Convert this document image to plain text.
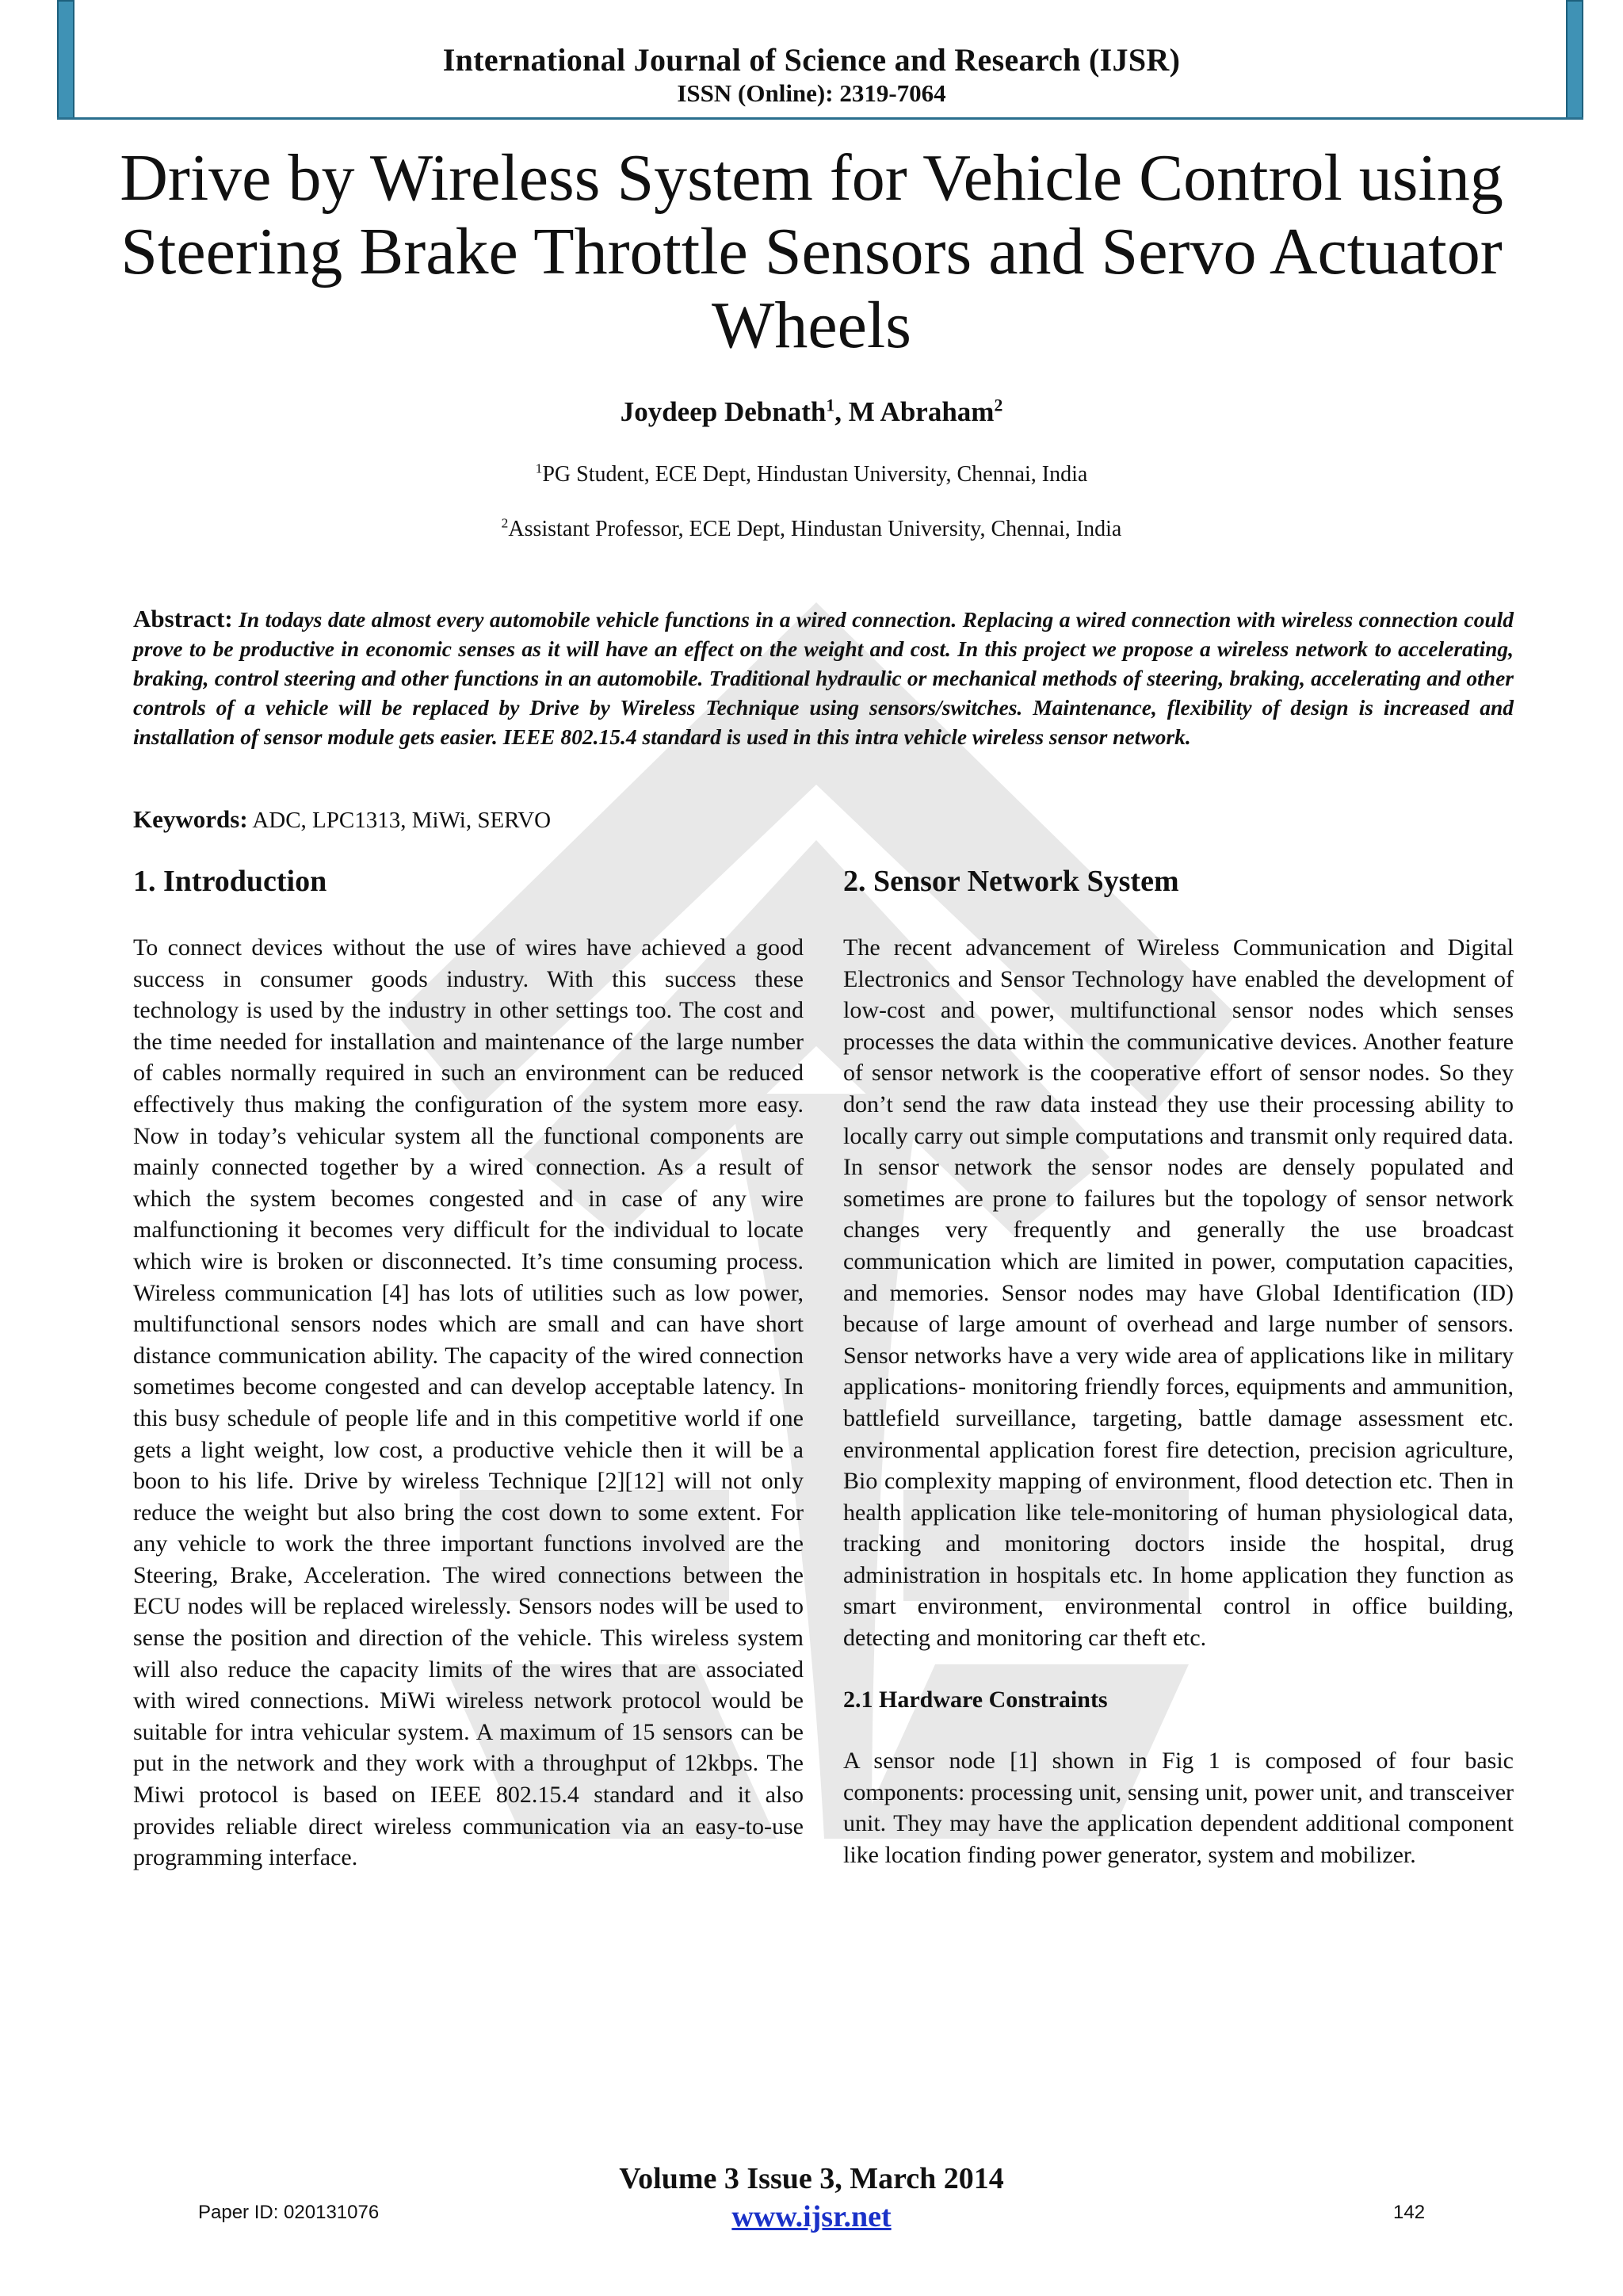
International Journal of Science and Research (IJSR)
ISSN (Online): 2319-7064
Drive by Wireless System for Vehicle Control using Steering Brake Throttle Sensors and Servo Actuator Wheels
Joydeep Debnath$^1$, M Abraham$^2$
$^1$PG Student, ECE Dept, Hindustan University, Chennai, India
$^2$Assistant Professor, ECE Dept, Hindustan University, Chennai, India
Abstract: In todays date almost every automobile vehicle functions in a wired connection. Replacing a wired connection with wireless connection could prove to be productive in economic senses as it will have an effect on the weight and cost. In this project we propose a wireless network to accelerating, braking, control steering and other functions in an automobile. Traditional hydraulic or mechanical methods of steering, braking, accelerating and other controls of a vehicle will be replaced by Drive by Wireless Technique using sensors/switches. Maintenance, flexibility of design is increased and installation of sensor module gets easier. IEEE 802.15.4 standard is used in this intra vehicle wireless sensor network.
Keywords: ADC, LPC1313, MiWi, SERVO
1. Introduction	2. Sensor Network System

To connect devices without the use of wires have achieved a good success in consumer goods industry. With this success these technology is used by the industry in other settings too. The cost and the time needed for installation and maintenance of the large number of cables normally required in such an environment can be reduced effectively thus making the configuration of the system more easy. Now in today’s vehicular system all the functional components are mainly connected together by a wired connection. As a result of which the system becomes congested and in case of any wire malfunctioning it becomes very difficult for the individual to locate which wire is broken or disconnected. It’s time consuming process. Wireless communication [4] has lots of utilities such as low power, multifunctional sensors nodes which are small and can have short distance communication ability. The capacity of the wired connection sometimes become congested and can develop acceptable latency. In this busy schedule of people life and in this competitive world if one gets a light weight, low cost, a productive vehicle then it will be a boon to his life. Drive by wireless Technique [2][12] will not only reduce the weight but also bring the cost down to some extent. For any vehicle to work the three important functions involved are the Steering, Brake, Acceleration. The wired connections between the ECU nodes will be replaced wirelessly. Sensors nodes will be used to sense the position and direction of the vehicle. This wireless system will also reduce the capacity limits of the wires that are associated with wired connections. MiWi wireless network protocol would be suitable for intra vehicular system. A maximum of 15 sensors can be put in the network and they work with a throughput of 12kbps. The Miwi protocol is based on IEEE 802.15.4 standard and it also provides reliable direct wireless communication via an easy-to-use programming interface.

The recent advancement of Wireless Communication and Digital Electronics and Sensor Technology have enabled the development of low-cost and power, multifunctional sensor nodes which senses processes the data within the communicative devices. Another feature of sensor network is the cooperative effort of sensor nodes. So they don’t send the raw data instead they use their processing ability to locally carry out simple computations and transmit only required data. In sensor network the sensor nodes are densely populated and sometimes are prone to failures but the topology of sensor network changes very frequently and generally the use broadcast communication which are limited in power, computation capacities, and memories. Sensor nodes may have Global Identification (ID) because of large amount of overhead and large number of sensors. Sensor networks have a very wide area of applications like in military applications- monitoring friendly forces, equipments and ammunition, battlefield surveillance, targeting, battle damage assessment etc. environmental application forest fire detection, precision agriculture, Bio complexity mapping of environment, flood detection etc. Then in health application like tele-monitoring of human physiological data, tracking and monitoring doctors inside the hospital, drug administration in hospitals etc. In home application they function as smart environment, environmental control in office building, detecting and monitoring car theft etc.

2.1 Hardware Constraints

A sensor node [1] shown in Fig 1 is composed of four basic components: processing unit, sensing unit, power unit, and transceiver unit. They may have the application dependent additional component like location finding power generator, system and mobilizer.

Volume 3 Issue 3, March 2014
www.ijsr.net
Paper ID: 020131076	142
